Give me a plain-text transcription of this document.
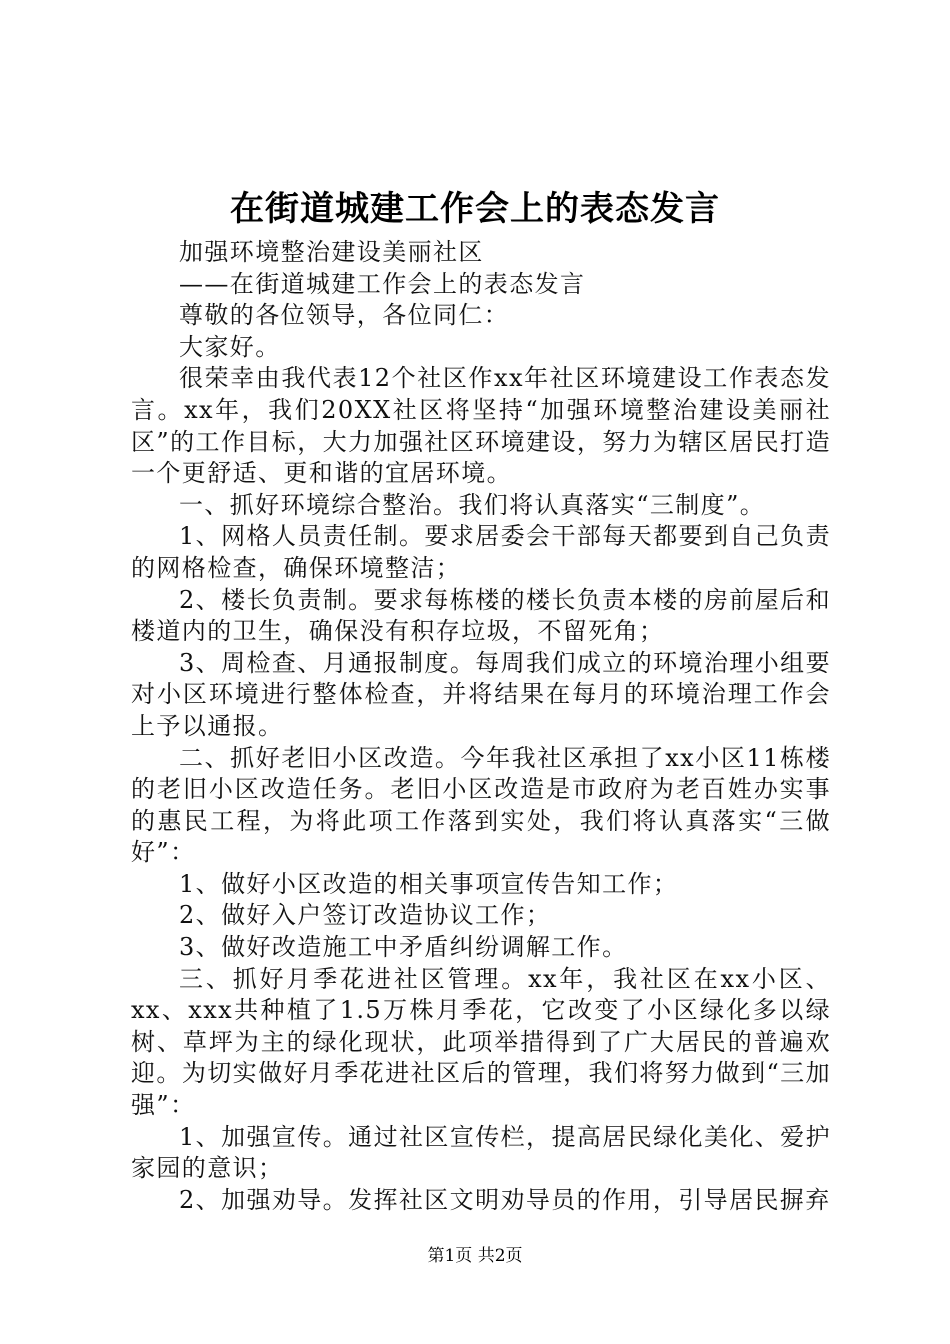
在街道城建工作会上的表态发言

加强环境整治建设美丽社区

——在街道城建工作会上的表态发言

尊敬的各位领导，各位同仁：

大家好。

很荣幸由我代表12个社区作xx年社区环境建设工作表态发言。xx年，我们20XX社区将坚持“加强环境整治建设美丽社区”的工作目标，大力加强社区环境建设，努力为辖区居民打造一个更舒适、更和谐的宜居环境。

一、抓好环境综合整治。我们将认真落实“三制度”。

1、网格人员责任制。要求居委会干部每天都要到自己负责的网格检查，确保环境整洁；

2、楼长负责制。要求每栋楼的楼长负责本楼的房前屋后和楼道内的卫生，确保没有积存垃圾，不留死角；

3、周检查、月通报制度。每周我们成立的环境治理小组要对小区环境进行整体检查，并将结果在每月的环境治理工作会上予以通报。

二、抓好老旧小区改造。今年我社区承担了xx小区11栋楼的老旧小区改造任务。老旧小区改造是市政府为老百姓办实事的惠民工程，为将此项工作落到实处，我们将认真落实“三做好”：

1、做好小区改造的相关事项宣传告知工作；

2、做好入户签订改造协议工作；

3、做好改造施工中矛盾纠纷调解工作。

三、抓好月季花进社区管理。xx年，我社区在xx小区、xx、xxx共种植了1.5万株月季花，它改变了小区绿化多以绿树、草坪为主的绿化现状，此项举措得到了广大居民的普遍欢迎。为切实做好月季花进社区后的管理，我们将努力做到“三加强”：

1、加强宣传。通过社区宣传栏，提高居民绿化美化、爱护家园的意识；

2、加强劝导。发挥社区文明劝导员的作用，引导居民摒弃

第1页 共2页
